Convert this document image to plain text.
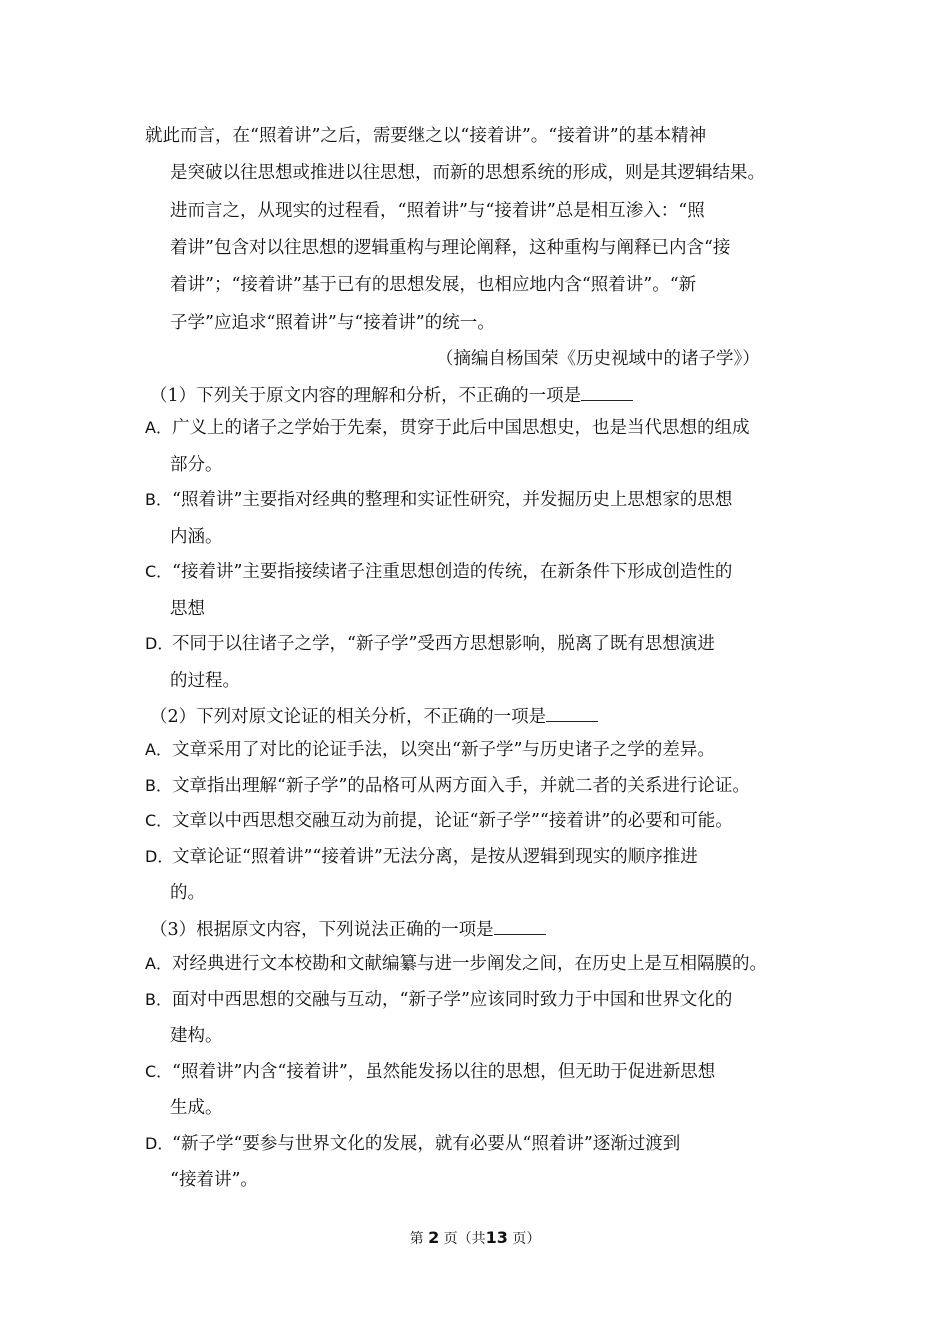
就此而言，在“照着讲”之后，需要继之以“接着讲”。“接着讲”的基本精神
是突破以往思想或推进以往思想，而新的思想系统的形成，则是其逻辑结果。
进而言之，从现实的过程看，“照着讲”与“接着讲”总是相互渗入：“照
着讲”包含对以往思想的逻辑重构与理论阐释，这种重构与阐释已内含“接
着讲”；“接着讲”基于已有的思想发展，也相应地内含“照着讲”。“新
子学”应追求“照着讲”与“接着讲”的统一。
（摘编自杨国荣《历史视域中的诸子学》）
（1）下列关于原文内容的理解和分析，不正确的一项是
A．广义上的诸子之学始于先秦，贯穿于此后中国思想史，也是当代思想的组成
部分。
B．“照着讲”主要指对经典的整理和实证性研究，并发掘历史上思想家的思想
内涵。
C．“接着讲”主要指接续诸子注重思想创造的传统，在新条件下形成创造性的
思想
D．不同于以往诸子之学，“新子学”受西方思想影响，脱离了既有思想演进
的过程。
（2）下列对原文论证的相关分析，不正确的一项是
A．文章采用了对比的论证手法，以突出“新子学”与历史诸子之学的差异。
B．文章指出理解“新子学”的品格可从两方面入手，并就二者的关系进行论证。
C．文章以中西思想交融互动为前提，论证“新子学”“接着讲”的必要和可能。
D．文章论证“照着讲”“接着讲”无法分离，是按从逻辑到现实的顺序推进
的。
（3）根据原文内容，下列说法正确的一项是
A．对经典进行文本校勘和文献编纂与进一步阐发之间，在历史上是互相隔膜的。
B．面对中西思想的交融与互动，“新子学”应该同时致力于中国和世界文化的
建构。
C．“照着讲”内含“接着讲”，虽然能发扬以往的思想，但无助于促进新思想
生成。
D．“新子学“要参与世界文化的发展，就有必要从“照着讲”逐渐过渡到
“接着讲”。
第 2 页（共13 页）
